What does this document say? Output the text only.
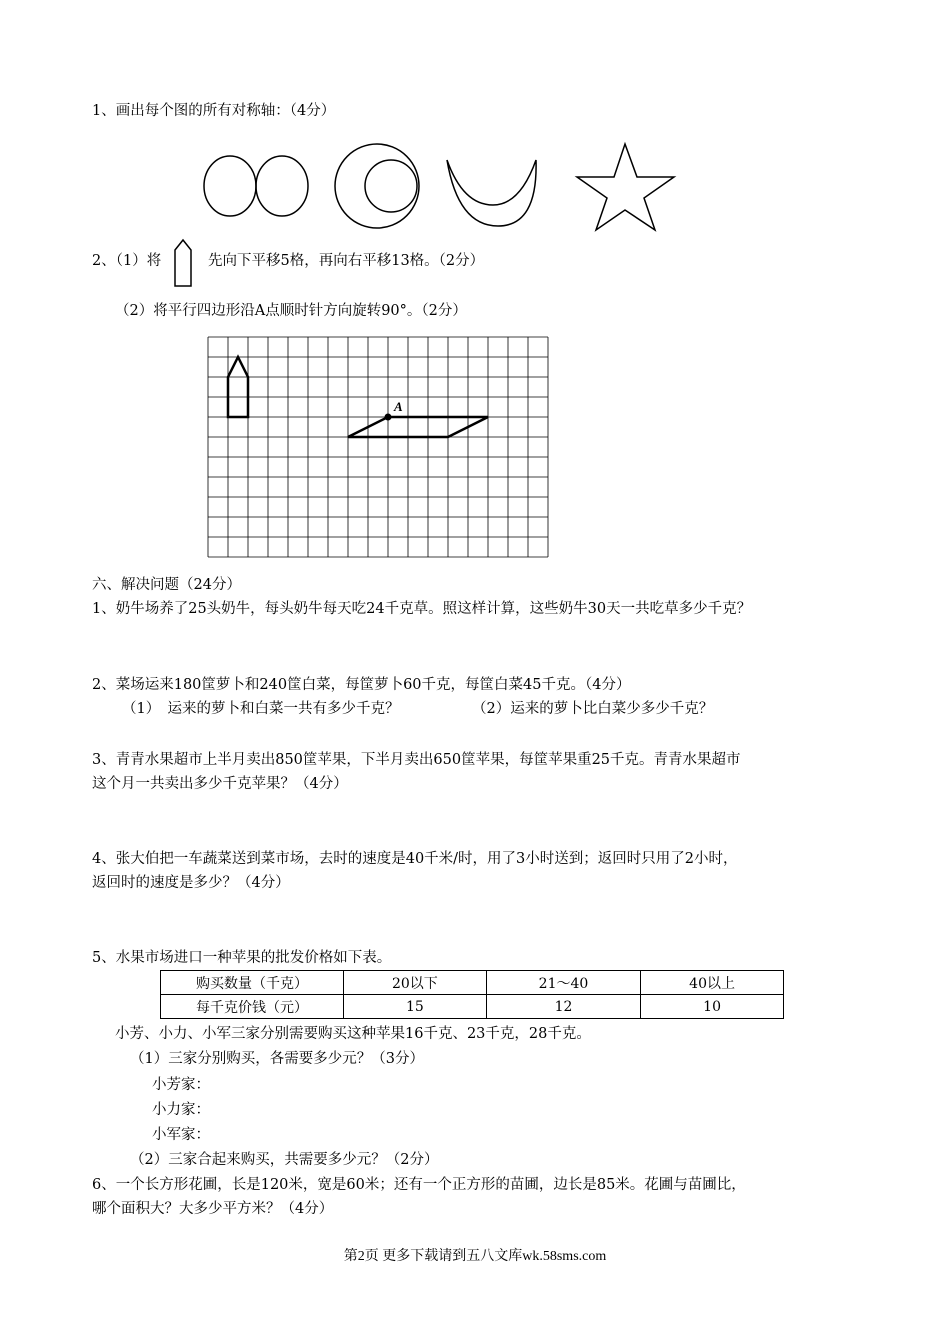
1、画出每个图的所有对称轴：（4分）
A
2、（1）将	先向下平移5格，再向右平移13格。（2分）
（2）将平行四边形沿A点顺时针方向旋转90°。（2分）
六、解决问题（24分）
1、奶牛场养了25头奶牛，每头奶牛每天吃24千克草。照这样计算，这些奶牛30天一共吃草多少千克？
2、菜场运来180筐萝卜和240筐白菜，每筐萝卜60千克，每筐白菜45千克。（4分）
（1）　运来的萝卜和白菜一共有多少千克？	（2）运来的萝卜比白菜少多少千克？
3、青青水果超市上半月卖出850筐苹果，下半月卖出650筐苹果，每筐苹果重25千克。青青水果超市
这个月一共卖出多少千克苹果？（4分）
4、张大伯把一车蔬菜送到菜市场，去时的速度是40千米/时，用了3小时送到；返回时只用了2小时，
返回时的速度是多少？（4分）
5、水果市场进口一种苹果的批发价格如下表。
购买数量（千克）	20以下	21～40	40以上
每千克价钱（元）	15	12	10
小芳、小力、小军三家分别需要购买这种苹果16千克、23千克，28千克。
（1）三家分别购买，各需要多少元？（3分）
小芳家：
小力家：
小军家：
（2）三家合起来购买，共需要多少元？（2分）
6、一个长方形花圃，长是120米，宽是60米；还有一个正方形的苗圃，边长是85米。花圃与苗圃比，
哪个面积大？大多少平方米？（4分）
第2页 更多下载请到五八文库wk.58sms.com
